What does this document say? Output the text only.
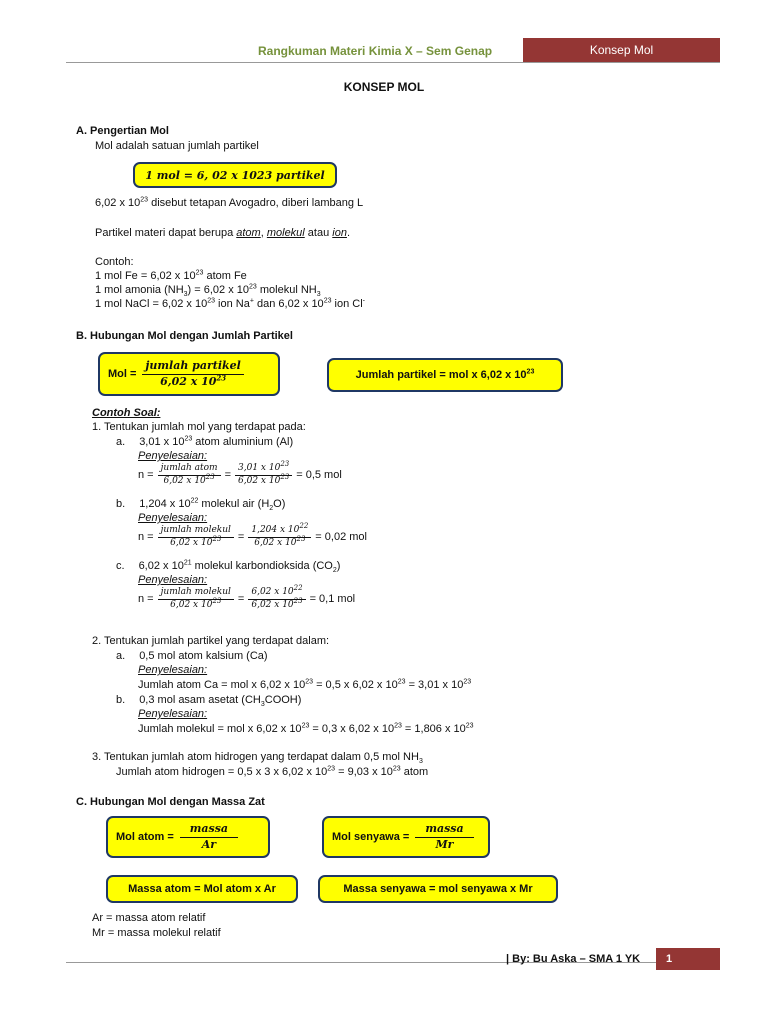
Rangkuman Materi Kimia X – Sem Genap	Konsep Mol
KONSEP MOL
A. Pengertian Mol
Mol adalah satuan jumlah partikel
1 mol = 6, 02 x 1023 partikel
6,02 x $10^{23}$ disebut tetapan Avogadro, diberi lambang L
Partikel materi dapat berupa atom, molekul atau ion.
Contoh:
1 mol Fe = 6,02 x $10^{23}$ atom Fe
1 mol amonia $(NH_3) = 6,02$ x $10^{23}$ molekul $NH_3$
1 mol NaCl = 6,02 x $10^{23}$ ion Na+ dan 6,02 x $10^{23}$ ion Cl-
B. Hubungan Mol dengan Jumlah Partikel
Mol = $\frac{\text{jumlah partikel}}{6,02 x 10^{23}}$	Jumlah partikel = mol x 6,02 x $10^{23}$
Contoh Soal:
1. Tentukan jumlah mol yang terdapat pada:
a. 3,01 x $10^{23}$ atom aluminium (Al)
Penyelesaian:
$n = \frac{\text{jumlah atom}}{6,02 x 10^{23}} = \frac{3,01 x 10^{23}}{6,02 x 10^{23}} = 0,5$ mol
b. 1,204 x $10^{22}$ molekul air $(H_2O)$
Penyelesaian:
$n = \frac{\text{jumlah molekul}}{6,02 x 10^{23}} = \frac{1,204 x 10^{22}}{6,02 x 10^{23}} = 0,02$ mol
c. 6,02 x $10^{21}$ molekul karbondioksida $(CO_2)$
Penyelesaian:
$n = \frac{\text{jumlah molekul}}{6,02 x 10^{23}} = \frac{6,02 x 10^{22}}{6,02 x 10^{23}} = 0,1$ mol
2. Tentukan jumlah partikel yang terdapat dalam:
a. 0,5 mol atom kalsium (Ca)
Penyelesaian:
Jumlah atom Ca = mol x 6,02 x $10^{23} = 0,5$ x 6,02 x $10^{23} = 3,01$ x $10^{23}$
b. 0,3 mol asam asetat $(CH_3COOH)$
Penyelesaian:
Jumlah molekul = mol x 6,02 x $10^{23} = 0,3$ x 6,02 x $10^{23} = 1,806$ x $10^{23}$
3. Tentukan jumlah atom hidrogen yang terdapat dalam 0,5 mol $NH_3$
Jumlah atom hidrogen = 0,5 x 3 x 6,02 x $10^{23} = 9,03$ x $10^{23}$ atom
C. Hubungan Mol dengan Massa Zat
Mol atom = $\frac{\text{massa}}{Ar}$	Mol senyawa = $\frac{\text{massa}}{Mr}$
Massa atom = Mol atom x Ar	Massa senyawa = mol senyawa x Mr
Ar = massa atom relatif
Mr = massa molekul relatif
| By: Bu Aska – SMA 1 YK	1
